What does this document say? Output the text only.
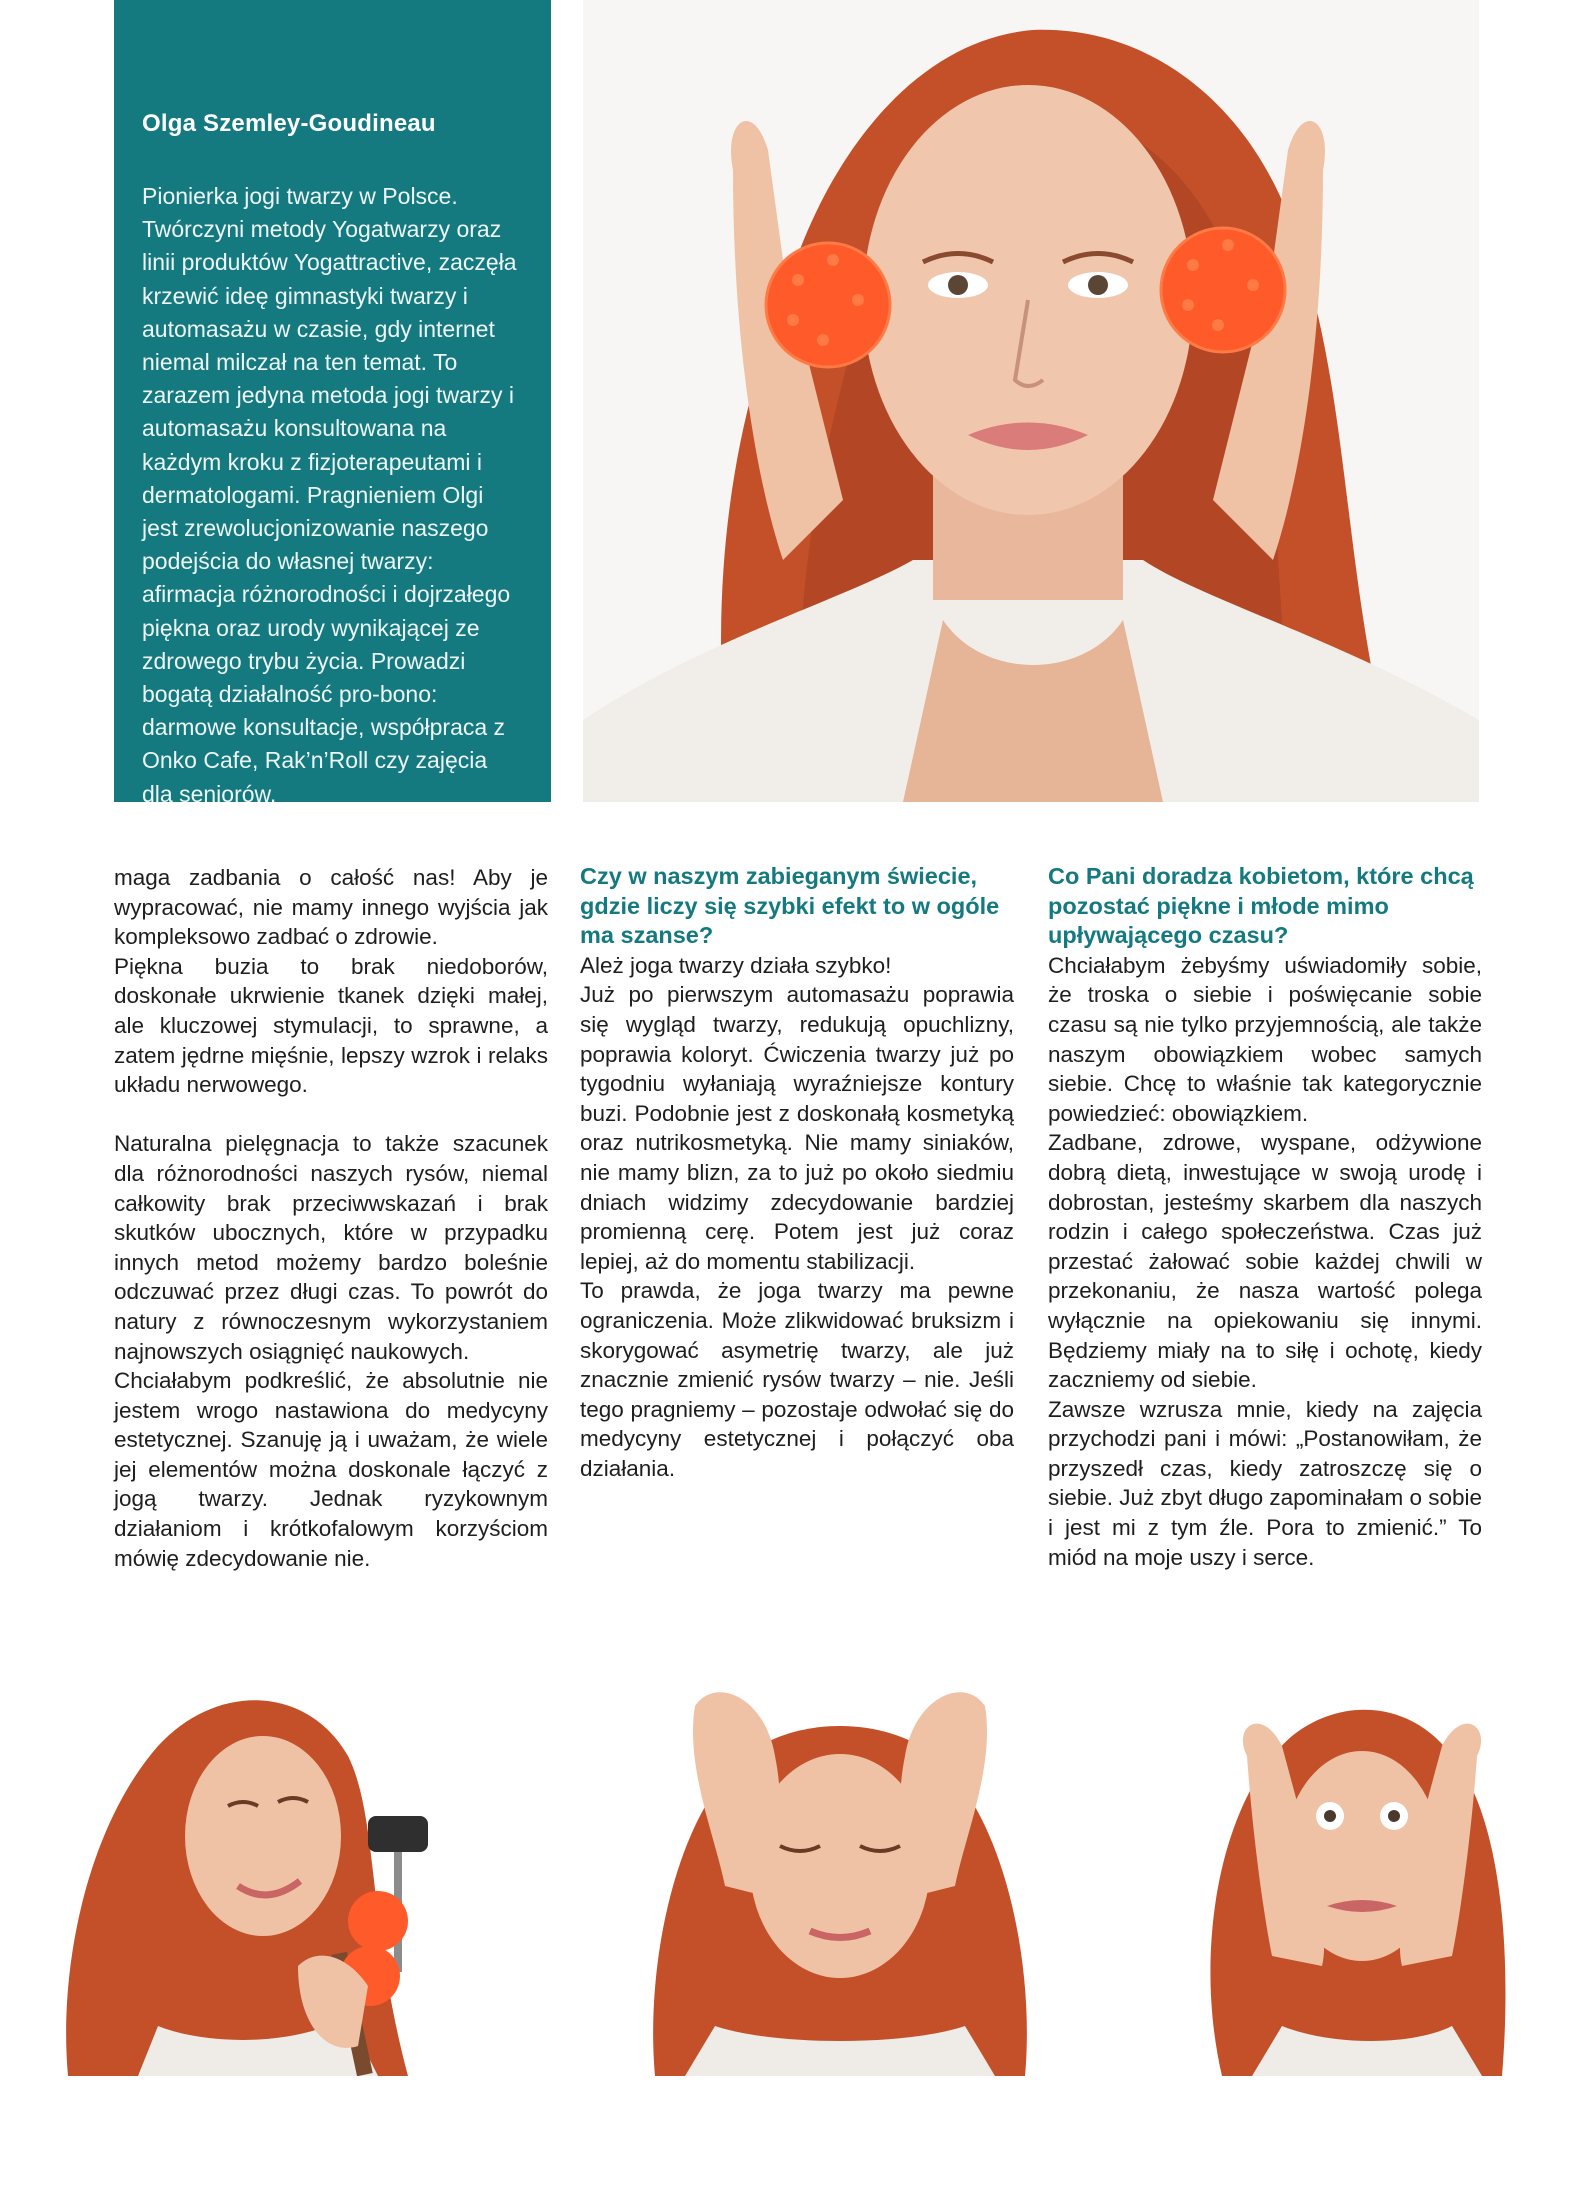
Olga Szemley-Goudineau

Pionierka jogi twarzy w Polsce. Twórczyni metody Yogatwarzy oraz linii produktów Yogattractive, zaczęła krzewić ideę gimnastyki twarzy i automasażu w czasie, gdy internet niemal milczał na ten temat. To zarazem jedyna metoda jogi twarzy i automasażu konsultowana na każdym kroku z fizjoterapeutami i dermatologami. Pragnieniem Olgi jest zrewolucjonizowanie naszego podejścia do własnej twarzy: afirmacja różnorodności i dojrzałego piękna oraz urody wynikającej ze zdrowego trybu życia. Prowadzi bogatą działalność pro-bono: darmowe konsultacje, współpraca z Onko Cafe, Rak’n’Roll czy zajęcia dla seniorów.

maga zadbania o całość nas! Aby je wypracować, nie mamy innego wyjścia jak kompleksowo zadbać o zdrowie.

Piękna buzia to brak niedoborów, doskonałe ukrwienie tkanek dzięki małej, ale kluczowej stymulacji, to sprawne, a zatem jędrne mięśnie, lepszy wzrok i relaks układu nerwowego.

Naturalna pielęgnacja to także szacunek dla różnorodności naszych rysów, niemal całkowity brak przeciwwskazań i brak skutków ubocznych, które w przypadku innych metod możemy bardzo boleśnie odczuwać przez długi czas. To powrót do natury z równoczesnym wykorzystaniem najnowszych osiągnięć naukowych.

Chciałabym podkreślić, że absolutnie nie jestem wrogo nastawiona do medycyny estetycznej. Szanuję ją i uważam, że wiele jej elementów można doskonale łączyć z jogą twarzy. Jednak ryzykownym działaniom i krótkofalowym korzyściom mówię zdecydowanie nie.

Czy w naszym zabieganym świecie, gdzie liczy się szybki efekt to w ogóle ma szanse?

Ależ joga twarzy działa szybko!

Już po pierwszym automasażu poprawia się wygląd twarzy, redukują opuchlizny, poprawia koloryt. Ćwiczenia twarzy już po tygodniu wyłaniają wyraźniejsze kontury buzi. Podobnie jest z doskonałą kosmetyką oraz nutrikosmetyką. Nie mamy siniaków, nie mamy blizn, za to już po około siedmiu dniach widzimy zdecydowanie bardziej promienną cerę. Potem jest już coraz lepiej, aż do momentu stabilizacji.

To prawda, że joga twarzy ma pewne ograniczenia. Może zlikwidować bruksizm i skorygować asymetrię twarzy, ale już znacznie zmienić rysów twarzy – nie. Jeśli tego pragniemy – pozostaje odwołać się do medycyny estetycznej i połączyć oba działania.

Co Pani doradza kobietom, które chcą pozostać piękne i młode mimo upływającego czasu?

Chciałabym żebyśmy uświadomiły sobie, że troska o siebie i poświęcanie sobie czasu są nie tylko przyjemnością, ale także naszym obowiązkiem wobec samych siebie. Chcę to właśnie tak kategorycznie powiedzieć: obowiązkiem.

Zadbane, zdrowe, wyspane, odżywione dobrą dietą, inwestujące w swoją urodę i dobrostan, jesteśmy skarbem dla naszych rodzin i całego społeczeństwa. Czas już przestać żałować sobie każdej chwili w przekonaniu, że nasza wartość polega wyłącznie na opiekowaniu się innymi. Będziemy miały na to siłę i ochotę, kiedy zaczniemy od siebie.

Zawsze wzrusza mnie, kiedy na zajęcia przychodzi pani i mówi: „Postanowiłam, że przyszedł czas, kiedy zatroszczę się o siebie. Już zbyt długo zapominałam o sobie i jest mi z tym źle. Pora to zmienić.” To miód na moje uszy i serce.
